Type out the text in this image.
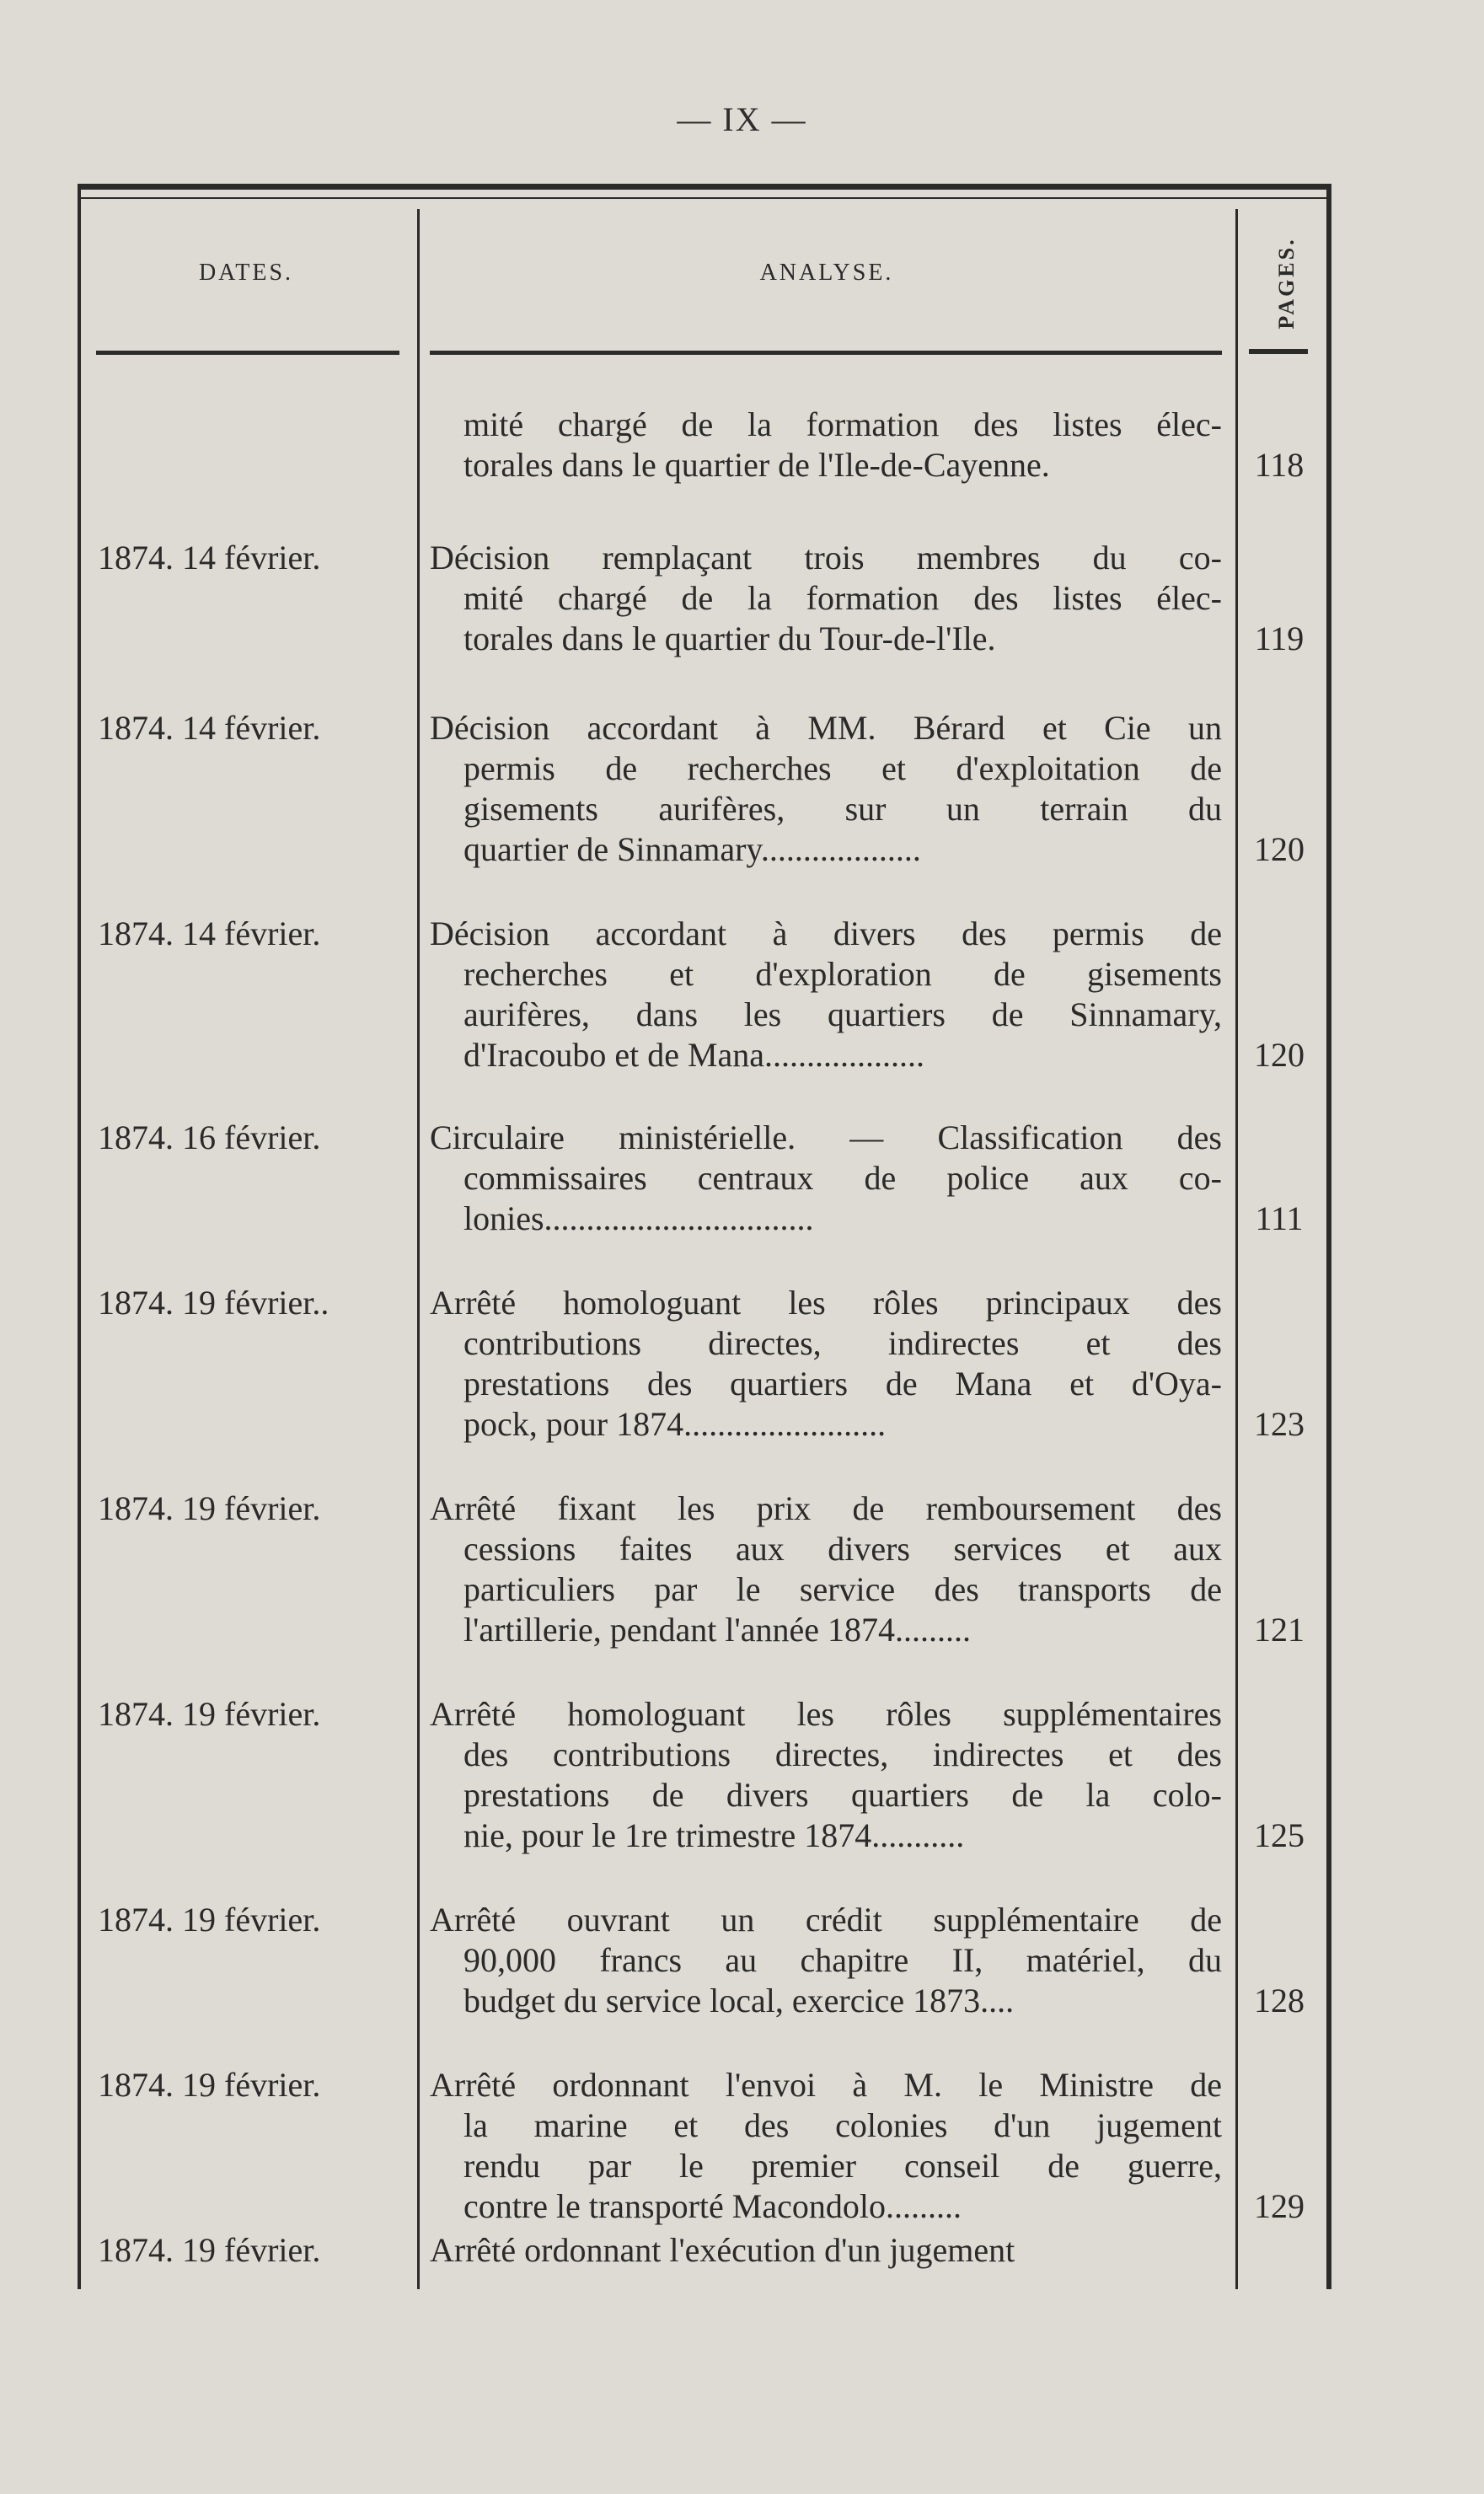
— IX —
DATES.	ANALYSE.	PAGES.
mité chargé de la formation des listes élec-
torales dans le quartier de l'Ile-de-Cayenne.	118
1874. 14 février.	Décision remplaçant trois membres du co-
mité chargé de la formation des listes élec-
torales dans le quartier du Tour-de-l'Ile.	119
1874. 14 février.	Décision accordant à MM. Bérard et Cie un
permis de recherches et d'exploitation de
gisements aurifères, sur un terrain du
quartier de Sinnamary...................	120
1874. 14 février.	Décision accordant à divers des permis de
recherches et d'exploration de gisements
aurifères, dans les quartiers de Sinnamary,
d'Iracoubo et de Mana...................	120
1874. 16 février.	Circulaire ministérielle. — Classification des
commissaires centraux de police aux co-
lonies................................	111
1874. 19 février..	Arrêté homologuant les rôles principaux des
contributions directes, indirectes et des
prestations des quartiers de Mana et d'Oya-
pock, pour 1874........................	123
1874. 19 février.	Arrêté fixant les prix de remboursement des
cessions faites aux divers services et aux
particuliers par le service des transports de
l'artillerie, pendant l'année 1874.........	121
1874. 19 février.	Arrêté homologuant les rôles supplémentaires
des contributions directes, indirectes et des
prestations de divers quartiers de la colo-
nie, pour le 1re trimestre 1874...........	125
1874. 19 février.	Arrêté ouvrant un crédit supplémentaire de
90,000 francs au chapitre II, matériel, du
budget du service local, exercice 1873....	128
1874. 19 février.	Arrêté ordonnant l'envoi à M. le Ministre de
la marine et des colonies d'un jugement
rendu par le premier conseil de guerre,
contre le transporté Macondolo.........	129
1874. 19 février.	Arrêté ordonnant l'exécution d'un jugement
